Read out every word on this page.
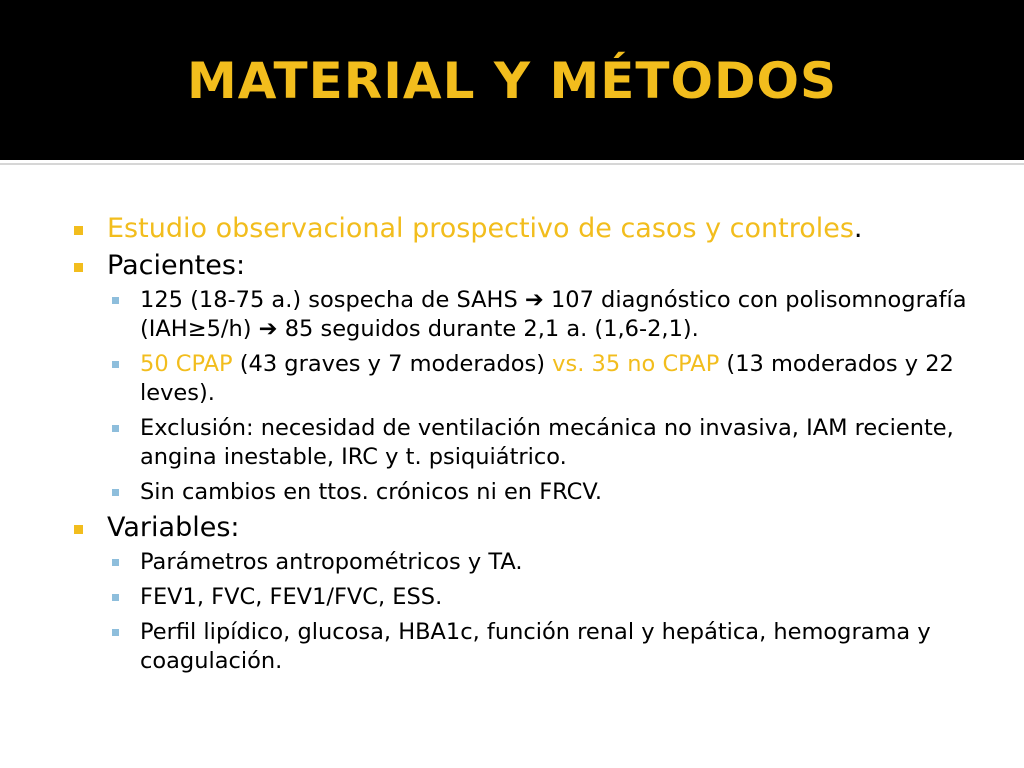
MATERIAL Y MÉTODOS
Estudio observacional prospectivo de casos y controles.
Pacientes:
125 (18-75 a.) sospecha de SAHS ➔ 107 diagnóstico con polisomnografía (IAH≥5/h) ➔ 85 seguidos durante 2,1 a. (1,6-2,1).
50 CPAP (43 graves y 7 moderados) vs. 35 no CPAP (13 moderados y 22 leves).
Exclusión: necesidad de ventilación mecánica no invasiva, IAM reciente, angina inestable, IRC y t. psiquiátrico.
Sin cambios en ttos. crónicos ni en FRCV.
Variables:
Parámetros antropométricos y TA.
FEV1, FVC, FEV1/FVC, ESS.
Perfil lipídico, glucosa, HBA1c, función renal y hepática, hemograma y coagulación.
